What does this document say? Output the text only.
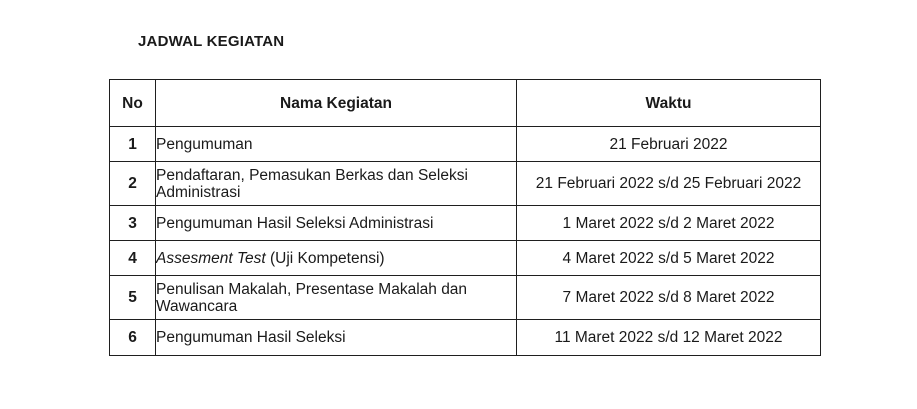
JADWAL KEGIATAN
No	Nama Kegiatan	Waktu
1	Pengumuman	21 Februari 2022
2	Pendaftaran, Pemasukan Berkas dan Seleksi Administrasi	21 Februari 2022 s/d 25 Februari 2022
3	Pengumuman Hasil Seleksi Administrasi	1 Maret 2022 s/d 2 Maret 2022
4	Assesment Test (Uji Kompetensi)	4 Maret 2022 s/d 5 Maret 2022
5	Penulisan Makalah, Presentase Makalah dan Wawancara	7 Maret 2022 s/d 8 Maret 2022
6	Pengumuman Hasil Seleksi	11 Maret 2022 s/d 12 Maret 2022
